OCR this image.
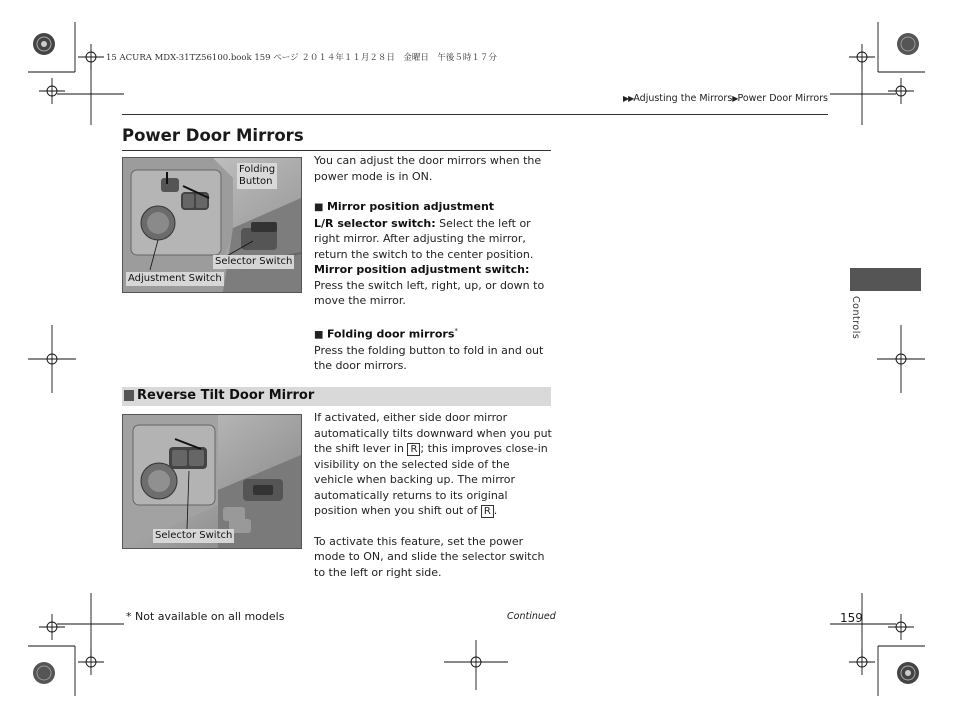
15 ACURA MDX-31TZ56100.book 159 ページ ２０１４年１１月２８日　金曜日　午後５時１７分
▶▶Adjusting the Mirrors▶Power Door Mirrors
Power Door Mirrors
Folding
Button
Selector Switch
Adjustment Switch
You can adjust the door mirrors when the power mode is in ON.
■ Mirror position adjustment
L/R selector switch: Select the left or right mirror. After adjusting the mirror, return the switch to the center position.
Mirror position adjustment switch: Press the switch left, right, up, or down to move the mirror.
■ Folding door mirrors*
Press the folding button to fold in and out the door mirrors.
Reverse Tilt Door Mirror
Selector Switch
If activated, either side door mirror automatically tilts downward when you put the shift lever in R ; this improves close-in visibility on the selected side of the vehicle when backing up. The mirror automatically returns to its original position when you shift out of R .
To activate this feature, set the power mode to ON, and slide the selector switch to the left or right side.
Controls
* Not available on all models	Continued	159
